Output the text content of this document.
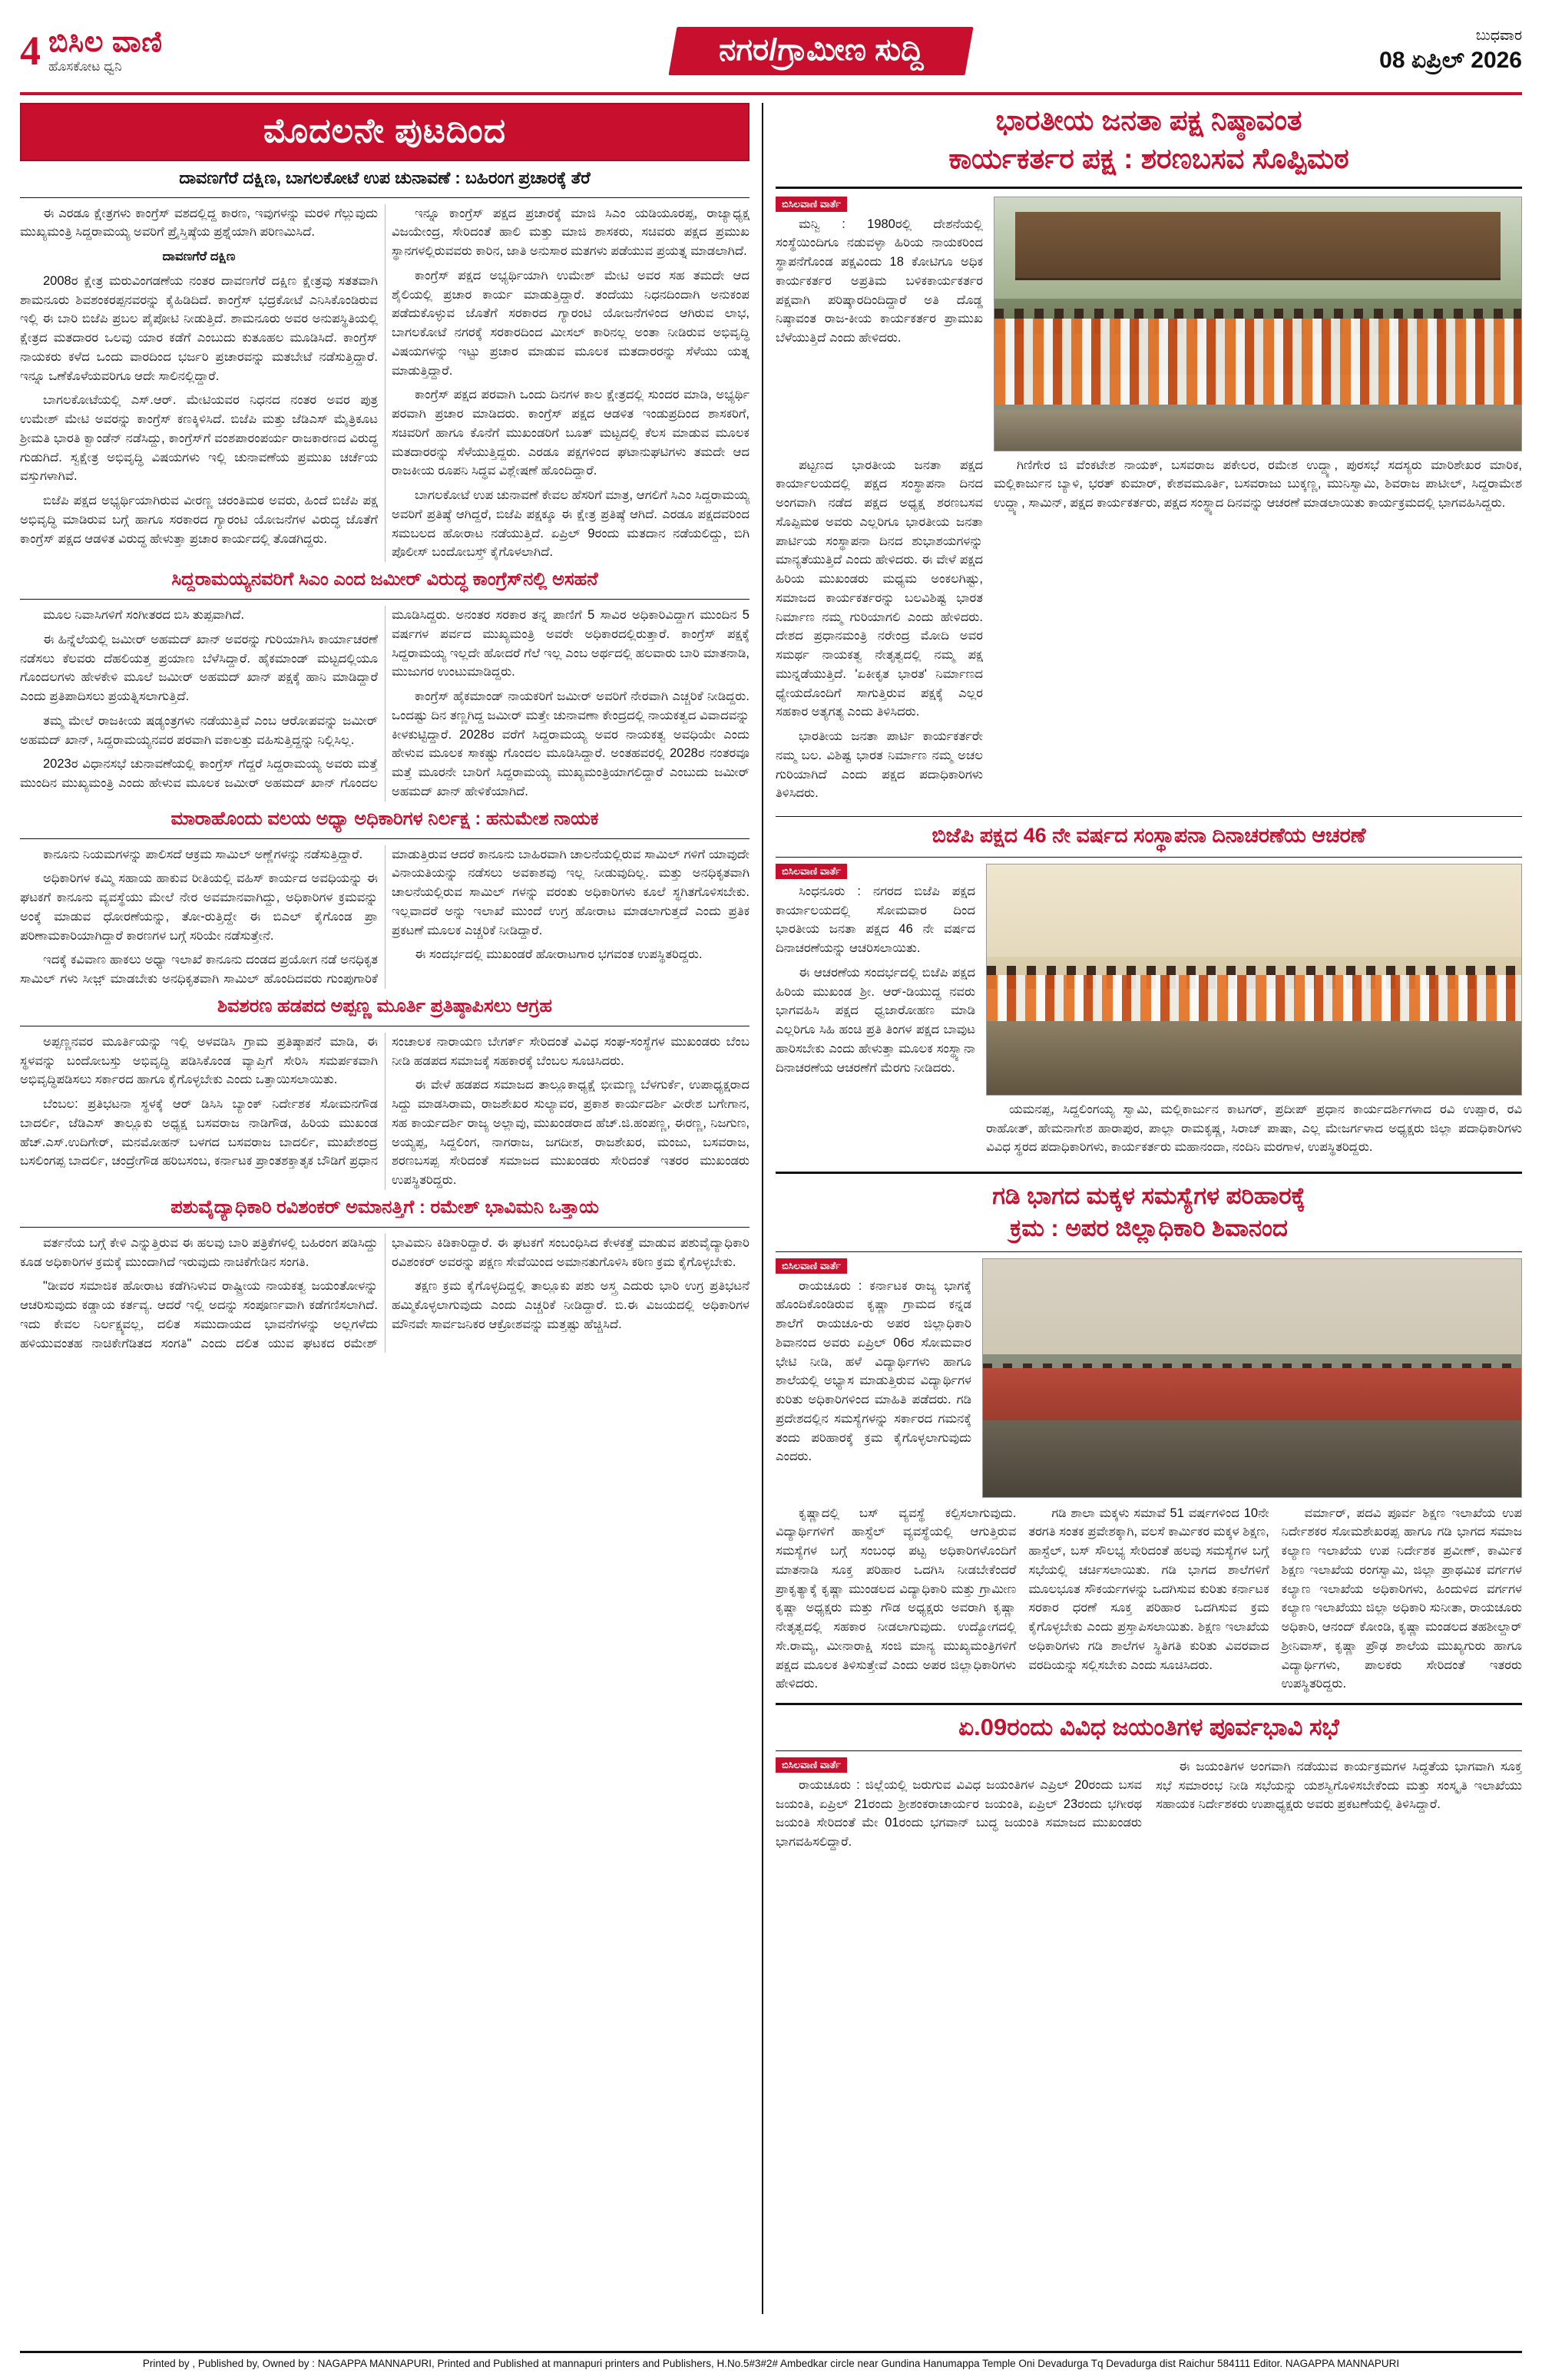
4 ಬಿಸಿಲ ವಾಣಿ
ಹೊಸಕೋಟ ಧ್ವನಿ	ನಗರ/ಗ್ರಾಮೀಣ ಸುದ್ದಿ	ಬುಧವಾರ
08 ಏಪ್ರಿಲ್ 2026
ಮೊದಲನೇ ಪುಟದಿಂದ
ದಾವಣಗೆರೆ ದಕ್ಷಿಣ, ಬಾಗಲಕೋಟೆ ಉಪ ಚುನಾವಣೆ : ಬಹಿರಂಗ ಪ್ರಚಾರಕ್ಕೆ ತೆರೆ

ಈ ಎರಡೂ ಕ್ಷೇತ್ರಗಳು ಕಾಂಗ್ರೆಸ್ ವಶದಲ್ಲಿದ್ದ ಕಾರಣ, ಇವುಗಳನ್ನು ಮರಳಿ ಗೆಲ್ಲುವುದು ಮುಖ್ಯಮಂತ್ರಿ ಸಿದ್ದರಾಮಯ್ಯ ಅವರಿಗೆ ಪ್ರೈಸ್ತಿಷ್ಠೆಯ ಪ್ರಶ್ನೆಯಾಗಿ ಪರಿಣಮಿಸಿದೆ.

ದಾವಣಗೆರೆ ದಕ್ಷಿಣ

2008ರ ಕ್ಷೇತ್ರ ಮರುವಿಂಗಡಣೆಯ ನಂತರ ದಾವಣಗೆರೆ ದಕ್ಷಿಣ ಕ್ಷೇತ್ರವು ಸತತವಾಗಿ ಶಾಮನೂರು ಶಿವಶಂಕರಪ್ಪನವರನ್ನು ಕೈಹಿಡಿದಿದೆ. ಕಾಂಗ್ರೆಸ್ ಭದ್ರಕೋಟೆ ಎನಿಸಿಕೊಂಡಿರುವ ಇಲ್ಲಿ ಈ ಬಾರಿ ಬಿಜೆಪಿ ಪ್ರಬಲ ಪೈಪೋಟಿ ನೀಡುತ್ತಿದೆ. ಶಾಮನೂರು ಅವರ ಅನುಪಸ್ಥಿತಿಯಲ್ಲಿ ಕ್ಷೇತ್ರದ ಮತದಾರರ ಒಲವು ಯಾರ ಕಡೆಗೆ ಎಂಬುದು ಕುತೂಹಲ ಮೂಡಿಸಿದೆ. ಕಾಂಗ್ರೆಸ್ ನಾಯಕರು ಕಳೆದ ಒಂದು ವಾರದಿಂದ ಭರ್ಜರಿ ಪ್ರಚಾರವನ್ನು ಮತಬೇಟೆ ನಡೆಸುತ್ತಿದ್ದಾರೆ. ಇನ್ನೂ ಒಣೆಕೊಳೆಯವರಿಗೂ ಆದೇ ಸಾಲಿನಲ್ಲಿದ್ದಾರೆ.

ಬಾಗಲಕೋಟೆಯಲ್ಲಿ ಎಸ್.ಆರ್. ಮೇಟಿಯವರ ನಿಧನದ ನಂತರ ಅವರ ಪುತ್ರ ಉಮೇಶ್ ಮೇಟಿ ಅವರನ್ನು ಕಾಂಗ್ರೆಸ್ ಕಣಕ್ಕಿಳಿಸಿದೆ. ಬಿಜೆಪಿ ಮತ್ತು ಜೆಡಿಎಸ್ ಮೈತ್ರಿಕೂಟ ಶ್ರೀಮತಿ ಭಾರತಿ ಕ್ವಾಂಡೆನ್ ನಡೆಸಿದ್ದು, ಕಾಂಗ್ರೆಸ್‌ಗೆ ವಂಶಪಾರಂಪರ್ಯ ರಾಜಕಾರಣದ ವಿರುದ್ಧ ಗುಡುಗಿದೆ. ಸ್ವಕ್ಷೇತ್ರ ಅಭಿವೃದ್ಧಿ ವಿಷಯಗಳು ಇಲ್ಲಿ ಚುನಾವಣೆಯ ಪ್ರಮುಖ ಚರ್ಚೆಯ ವಸ್ತುಗಳಾಗಿವೆ.

ಬಿಜೆಪಿ ಪಕ್ಷದ ಅಭ್ಯರ್ಥಿಯಾಗಿರುವ ವೀರಣ್ಣ ಚರಂತಿಮಠ ಅವರು, ಹಿಂದೆ ಬಿಜೆಪಿ ಪಕ್ಷ ಅಭಿವೃದ್ಧಿ ಮಾಡಿರುವ ಬಗ್ಗೆ ಹಾಗೂ ಸರಕಾರದ ಗ್ಯಾರಂಟಿ ಯೋಜನೆಗಳ ವಿರುದ್ಧ ಜೊತೆಗೆ ಕಾಂಗ್ರೆಸ್ ಪಕ್ಷದ ಆಡಳಿತ ವಿರುದ್ಧ ಹೇಳುತ್ತಾ ಪ್ರಚಾರ ಕಾರ್ಯದಲ್ಲಿ ತೊಡಗಿದ್ದರು.

ಇನ್ನೂ ಕಾಂಗ್ರೆಸ್ ಪಕ್ಷದ ಪ್ರಚಾರಕ್ಕೆ ಮಾಜಿ ಸಿಎಂ ಯಡಿಯೂರಪ್ಪ, ರಾಜ್ಯಾಧ್ಯಕ್ಷ ವಿಜಯೇಂದ್ರ, ಸೇರಿದಂತೆ ಹಾಲಿ ಮತ್ತು ಮಾಜಿ ಶಾಸಕರು, ಸಚಿವರು ಪಕ್ಷದ ಪ್ರಮುಖ ಸ್ಥಾನಗಳಲ್ಲಿರುವವರು ಕಾರಿನ, ಜಾತಿ ಅನುಸಾರ ಮತಗಳು ಪಡೆಯುವ ಪ್ರಯತ್ನ ಮಾಡಲಾಗಿದೆ.

ಕಾಂಗ್ರೆಸ್ ಪಕ್ಷದ ಅಭ್ಯರ್ಥಿಯಾಗಿ ಉಮೇಶ್ ಮೇಟಿ ಅವರ ಸಹ ತಮದೇ ಆದ ಶೈಲಿಯಲ್ಲಿ ಪ್ರಚಾರ ಕಾರ್ಯ ಮಾಡುತ್ತಿದ್ದಾರೆ. ತಂದೆಯು ನಿಧನದಿಂದಾಗಿ ಅನುಕಂಪ ಪಡೆದುಕೊಳ್ಳುವ ಜೊತೆಗೆ ಸರಕಾರದ ಗ್ಯಾರಂಟಿ ಯೋಜನೆಗಳಿಂದ ಆಗಿರುವ ಲಾಭ, ಬಾಗಲಕೋಟೆ ನಗರಕ್ಕೆ ಸರಕಾರದಿಂದ ಮೀಸಲ್ ಕಾರಿನಲ್ಲ ಅಂತಾ ನೀಡಿರುವ ಅಭಿವೃದ್ಧಿ ವಿಷಯಗಳನ್ನು ಇಟ್ಟು ಪ್ರಚಾರ ಮಾಡುವ ಮೂಲಕ ಮತದಾರರನ್ನು ಸೆಳೆಯು ಯತ್ನ ಮಾಡುತ್ತಿದ್ದಾರೆ.

ಕಾಂಗ್ರೆಸ್ ಪಕ್ಷದ ಪರವಾಗಿ ಒಂದು ದಿನಗಳ ಕಾಲ ಕ್ಷೇತ್ರದಲ್ಲಿ ಸುಂದರ ಮಾಡಿ, ಅಭ್ಯರ್ಥಿ ಪರವಾಗಿ ಪ್ರಚಾರ ಮಾಡಿದರು. ಕಾಂಗ್ರೆಸ್ ಪಕ್ಷದ ಆಡಳಿತ ಇಂಡುಪ್ರದಿಂದ ಶಾಸಕರಿಗೆ, ಸಚಿವರಿಗೆ ಹಾಗೂ ಕೊನೆಗೆ ಮುಖಂಡರಿಗೆ ಬೂತ್ ಮಟ್ಟದಲ್ಲಿ ಕೆಲಸ ಮಾಡುವ ಮೂಲಕ ಮತದಾರರನ್ನು ಸೆಳೆಯುತ್ತಿದ್ದರು. ಎರಡೂ ಪಕ್ಷಗಳಿಂದ ಘಟಾನುಘಟಿಗಳು ತಮದೇ ಆದ ರಾಜಕೀಯ ರೂಪನಿ ಸಿದ್ಧವ ವಿಶ್ಲೇಷಣೆ ಹೊಂದಿದ್ದಾರೆ.

ಬಾಗಲಕೋಟೆ ಉಪ ಚುನಾವಣೆ ಕೇವಲ ಹೆಸರಿಗೆ ಮಾತ್ರ, ಆಗಲಿಗೆ ಸಿಎಂ ಸಿದ್ದರಾಮಯ್ಯ ಅವರಿಗೆ ಪ್ರತಿಷ್ಠೆ ಆಗಿದ್ದರೆ, ಬಿಜೆಪಿ ಪಕ್ಷಕ್ಕೂ ಈ ಕ್ಷೇತ್ರ ಪ್ರತಿಷ್ಠೆ ಆಗಿದೆ. ಎರಡೂ ಪಕ್ಷದವರಿಂದ ಸಮಬಲದ ಹೋರಾಟ ನಡೆಯುತ್ತಿದೆ. ಏಪ್ರಿಲ್ 9ರಂದು ಮತದಾನ ನಡೆಯಲಿದ್ದು, ಬಿಗಿ ಪೊಲೀಸ್ ಬಂದೋಬಸ್ತ್ ಕೈಗೊಳಲಾಗಿದೆ.

ಸಿದ್ದರಾಮಯ್ಯನವರಿಗೆ ಸಿಎಂ ಎಂದ ಜಮೀರ್ ವಿರುದ್ಧ ಕಾಂಗ್ರೆಸ್‌ನಲ್ಲಿ ಅಸಹನೆ

ಮೂಲ ನಿವಾಸಿಗಳಿಗೆ ಸಂಗೀತರದ ಬಿಸಿ ತುಪ್ಪವಾಗಿದೆ.

ಈ ಹಿನ್ನೆಲೆಯಲ್ಲಿ ಜಮೀರ್ ಅಹಮದ್ ಖಾನ್ ಅವರನ್ನು ಗುರಿಯಾಗಿಸಿ ಕಾರ್ಯಾಚರಣೆ ನಡೆಸಲು ಕೆಲವರು ದೆಹಲಿಯತ್ತ ಪ್ರಯಾಣ ಬೆಳೆಸಿದ್ದಾರೆ. ಹೈಕಮಾಂಡ್ ಮಟ್ಟದಲ್ಲಿಯೂ ಗೊಂದಲಗಳು ಹೇಳಕೇಳಿ ಮೂಲೆ ಜಮೀರ್ ಅಹಮದ್ ಖಾನ್ ಪಕ್ಷಕ್ಕೆ ಹಾನಿ ಮಾಡಿದ್ದಾರೆ ಎಂದು ಪ್ರತಿಪಾದಿಸಲು ಪ್ರಯತ್ನಿಸಲಾಗುತ್ತಿದೆ.

ತಮ್ಮ ಮೇಲೆ ರಾಜಕೀಯ ಷಡ್ಯಂತ್ರಗಳು ನಡೆಯುತ್ತಿವೆ ಎಂಬ ಆರೋಪವನ್ನು ಜಮೀರ್ ಅಹಮದ್ ಖಾನ್, ಸಿದ್ದರಾಮಯ್ಯನವರ ಪರವಾಗಿ ವಕಾಲತ್ತು ವಹಿಸುತ್ತಿದ್ದನ್ನು ನಿಲ್ಲಿಸಿಲ್ಲ.

2023ರ ವಿಧಾನಸಭೆ ಚುನಾವಣೆಯಲ್ಲಿ ಕಾಂಗ್ರೆಸ್ ಗೆದ್ದರೆ ಸಿದ್ದರಾಮಯ್ಯ ಅವರು ಮತ್ತೆ ಮುಂದಿನ ಮುಖ್ಯಮಂತ್ರಿ ಎಂದು ಹೇಳುವ ಮೂಲಕ ಜಮೀರ್ ಅಹಮದ್ ಖಾನ್ ಗೊಂದಲ ಮೂಡಿಸಿದ್ದರು. ಅನಂತರ ಸರಕಾರ ತನ್ನ ಪಾಣಿಗೆ 5 ಸಾವಿರ ಅಧಿಕಾರಿವಿದ್ದಾಗ ಮುಂದಿನ 5 ವರ್ಷಗಳ ಪರ್ವದ ಮುಖ್ಯಮಂತ್ರಿ ಅವರೇ ಅಧಿಕಾರದಲ್ಲಿರುತ್ತಾರೆ. ಕಾಂಗ್ರೆಸ್ ಪಕ್ಷಕ್ಕೆ ಸಿದ್ದರಾಮಯ್ಯ ಇಲ್ಲದೇ ಹೋದರೆ ಗೆಲೆ ಇಲ್ಲ ಎಂಬ ಅರ್ಥದಲ್ಲಿ ಹಲವಾರು ಬಾರಿ ಮಾತನಾಡಿ, ಮುಜುಗರ ಉಂಟುಮಾಡಿದ್ದರು.

ಕಾಂಗ್ರೆಸ್ ಹೈಕಮಾಂಡ್ ನಾಯಕರಿಗೆ ಜಮೀರ್ ಅವರಿಗೆ ನೇರವಾಗಿ ಎಚ್ಚರಿಕೆ ನೀಡಿದ್ದರು. ಒಂದಷ್ಟು ದಿನ ತಣ್ಣಗಿದ್ದ ಜಮೀರ್ ಮತ್ತೇ ಚುನಾವಣಾ ಕೇಂದ್ರದಲ್ಲಿ ನಾಯಕತ್ವದ ವಿವಾದವನ್ನು ಕೀಳಕುಟ್ಟಿದ್ದಾರೆ. 2028ರ ವರೆಗೆ ಸಿದ್ದರಾಮಯ್ಯ ಅವರ ನಾಯಕತ್ವ ಅವಧಿಯೇ ಎಂದು ಹೇಳುವ ಮೂಲಕ ಸಾಕಷ್ಟು ಗೊಂದಲ ಮೂಡಿಸಿದ್ದಾರೆ. ಅಂತಹವರಲ್ಲಿ 2028ರ ನಂತರವೂ ಮತ್ತೆ ಮೂರನೇ ಬಾರಿಗೆ ಸಿದ್ದರಾಮಯ್ಯ ಮುಖ್ಯಮಂತ್ರಿಯಾಗಲಿದ್ದಾರೆ ಎಂಬುದು ಜಮೀರ್ ಅಹಮದ್ ಖಾನ್ ಹೇಳಿಕೆಯಾಗಿದೆ.

ಮಾರಾಹೊಂದು ವಲಯ ಅಧ್ಯಾ ಅಧಿಕಾರಿಗಳ ನಿರ್ಲಕ್ಷ : ಹನುಮೇಶ ನಾಯಕ

ಕಾನೂನು ನಿಯಮಗಳನ್ನು ಪಾಲಿಸದೆ ಆಕ್ರಮ ಸಾಮಿಲ್ ಅಣ್ಣೆಗಳನ್ನು ನಡೆಸುತ್ತಿದ್ದಾರೆ.

ಅಧಿಕಾರಿಗಳ ಕಮ್ಮಿ ಸಹಾಯ ಹಾಕುವ ರೀತಿಯಲ್ಲಿ ವಹಿಸ್ ಕಾರ್ಯದ ಅವಧಿಯನ್ನು ಈ ಘಟಕಗೆ ಕಾನೂನು ವ್ಯವಸ್ಥೆಯು ಮೇಲೆ ನೇರ ಅವಮಾನವಾಗಿದ್ದು, ಅಧಿಕಾರಿಗಳ ಕ್ರಮವನ್ನು ಅಂಕ್ಕೆ ಮಾಡುವ ಧೋರಣೆಯನ್ನು, ತೋ-ರುತ್ತಿದ್ದೇ ಈ ಬಿಎಲ್ ಕೈಗೊಂಡ ಪ್ರಾ ಪರಿಣಾಮಕಾರಿಯಾಗಿದ್ದಾರೆ ಕಾರಣಗಳ ಬಗ್ಗೆ ಸರಿಯೇ ನಡೆಸುತ್ತೇನೆ.

ಇದಕ್ಕೆ ಕವಿವಾಣ ಹಾಕಲು ಅಧ್ಯಾ ಇಲಾಖೆ ಕಾನೂನು ದಂಡದ ಪ್ರಯೋಗ ನಡೆ ಅನಧಿಕೃತ ಸಾಮಿಲ್ ಗಳು ಸೀಜ಼್ ಮಾಡಬೇಕು ಅನಧಿಕೃತವಾಗಿ ಸಾಮಿಲ್ ಹೊಂದಿದವರು ಗುಂಪುಗಾರಿಕೆ ಮಾಡುತ್ತಿರುವ ಆದರೆ ಕಾನೂನು ಬಾಹಿರವಾಗಿ ಚಾಲನೆಯಲ್ಲಿರುವ ಸಾಮಿಲ್ ಗಳಿಗೆ ಯಾವುದೇ ವಿನಾಯತಿಯನ್ನು ನಡೆಸಲು ಅವಕಾಶವು ಇಲ್ಲ ನೀಡುವುದಿಲ್ಲ. ಮತ್ತು ಅನಧಿಕೃತವಾಗಿ ಚಾಲನೆಯಲ್ಲಿರುವ ಸಾಮಿಲ್ ಗಳನ್ನು ವರಂತು ಅಧಿಕಾರಿಗಳು ಕೂಲೆ ಸ್ಥಗಿತಗೊಳಿಸಬೇಕು. ಇಲ್ಲವಾದರೆ ಅನ್ನು ಇಲಾಖೆ ಮುಂದೆ ಉಗ್ರ ಹೋರಾಟ ಮಾಡಲಾಗುತ್ತದೆ ಎಂದು ಪ್ರತಿಕ ಪ್ರಕಟಣೆ ಮೂಲಕ ಎಚ್ಚರಿಕೆ ನೀಡಿದ್ದಾರೆ.

ಈ ಸಂದರ್ಭದಲ್ಲಿ ಮುಖಂಡರೆ ಹೋರಾಟಗಾರ ಭಗವಂತ ಉಪಸ್ಥಿತರಿದ್ದರು.

ಶಿವಶರಣ ಹಡಪದ ಅಪ್ಪಣ್ಣ ಮೂರ್ತಿ ಪ್ರತಿಷ್ಠಾಪಿಸಲು ಆಗ್ರಹ

ಅಪ್ಪಣ್ಣನವರ ಮೂರ್ತಿಯನ್ನು ಇಲ್ಲಿ ಅಳವಡಿಸಿ ಗ್ರಾಮ ಪ್ರತಿಷ್ಠಾಪನೆ ಮಾಡಿ, ಈ ಸ್ಥಳವನ್ನು ಬಂದೋಬಸ್ತು ಅಭಿವೃದ್ಧಿ ಪಡಿಸಿಕೊಂಡ ವ್ಯಾಪ್ತಿಗೆ ಸೇರಿಸಿ ಸಮರ್ಪಕವಾಗಿ ಅಭಿವೃದ್ಧಿಪಡಿಸಲು ಸರ್ಕಾರದ ಹಾಗೂ ಕೈಗೊಳ್ಳಬೇಕು ಎಂದು ಒತ್ತಾಯಿಸಲಾಯಿತು.

ಬೆಂಬಲ: ಪ್ರತಿಭಟನಾ ಸ್ಥಳಕ್ಕೆ ಆರ್ ಡಿಸಿಸಿ ಬ್ಯಾಂಕ್ ನಿರ್ದೇಶಕ ಸೋಮನಗೌಡ ಬಾದರ್ಲಿ, ಜೆಡಿಎಸ್ ತಾಲ್ಲೂಕು ಅಧ್ಯಕ್ಷ ಬಸವರಾಜ ನಾಡಿಗೌಡ, ಹಿರಿಯ ಮುಖಂಡ ಹೆಚ್.ಎಸ್.ಉದಿಗೇರ್, ಮನಮೋಹನ್ ಬಳಗದ ಬಸವರಾಜ ಬಾದರ್ಲಿ, ಮುಖೇಶಂದ್ರ ಬಸಲಿಂಗಪ್ಪ ಬಾದರ್ಲಿ, ಚಂದ್ರೇಗೌಡ ಹರಿಬಸಂಬ, ಕರ್ನಾಟಕ ಪ್ರಾಂತಶಕ್ತಾತೃಕ ಬೌಡಿಗೆ ಪ್ರಧಾನ ಸಂಚಾಲಕ ನಾರಾಯಣ ಬೇಗರ್ಕ್ ಸೇರಿದಂತೆ ವಿವಿಧ ಸಂಘ-ಸಂಸ್ಥೆಗಳ ಮುಖಂಡರು ಬೆಂಬ ನೀಡಿ ಹಡಪದ ಸಮಾಜಕ್ಕೆ ಸಹಕಾರಕ್ಕೆ ಬೆಂಬಲ ಸೂಚಿಸಿದರು.

ಈ ವೇಳೆ ಹಡಪದ ಸಮಾಜದ ತಾಲ್ಲೂಕಾಧ್ಯಕ್ಷೆ ಭೀಮಣ್ಣ ಬೆಳಗುರ್ಕೆ, ಉಪಾಧ್ಯಕ್ಷರಾದ ಸಿದ್ದು ಮಾಡಸಿರಾಮ, ರಾಜಶೇಖರ ಸುಲ್ಯಾವರ, ಪ್ರಕಾಶ ಕಾರ್ಯದರ್ಶಿ ವೀರೇಶ ಬಗೇಗಾನ, ಸಹ ಕಾರ್ಯದರ್ಶಿ ರಾಜ್ಯ ಅಲ್ಲಾವು, ಮುಖಂಡರಾದ ಹೆಚ್.ಜಿ.ಹಂಪಣ್ಣ, ಈರಣ್ಣ, ನಿಜಗುಣ, ಅಯ್ಯಪ್ಪ, ಸಿದ್ದಲಿಂಗ, ನಾಗರಾಜ, ಜಗದೀಶ, ರಾಜಶೇಖರ, ಮಂಜು, ಬಸವರಾಜ, ಶರಣಬಸಪ್ಪ ಸೇರಿದಂತೆ ಸಮಾಜದ ಮುಖಂಡರು ಸೇರಿದಂತೆ ಇತರರ ಮುಖಂಡರು ಉಪಸ್ಥಿತರಿದ್ದರು.

ಪಶುವೈದ್ಯಾಧಿಕಾರಿ ರವಿಶಂಕರ್ ಅಮಾನತ್ತಿಗೆ : ರಮೇಶ್ ಭಾವಿಮನಿ ಒತ್ತಾಯ

ವರ್ತನೆಯ ಬಗ್ಗೆ ಕೇಳಿ ಎನ್ನುತ್ತಿರುವ ಈ ಹಲವು ಬಾರಿ ಪತ್ರಿಕೆಗಳಲ್ಲಿ ಬಹಿರಂಗ ಪಡಿಸಿದ್ದು ಕೂಡ ಅಧಿಕಾರಿಗಳ ಕ್ರಮಕ್ಕೆ ಮುಂದಾಗಿದೆ ಇರುವುದು ನಾಚಿಕೆಗೇಡಿನ ಸಂಗತಿ.

"ಡೀವರ ಸಮಾಜಿಕ ಹೋರಾಟ ಕಡೆಗಿನಿಳುವ ರಾಷ್ಟ್ರೀಯ ನಾಯಕತ್ವ ಜಯಂತೋಳನ್ನು ಆಚರಿಸುವುದು ಕಡ್ಡಾಯ ಕರ್ತವ್ಯ. ಆದರೆ ಇಲ್ಲಿ ಅದನ್ನು ಸಂಪೂರ್ಣವಾಗಿ ಕಡೆಗಣಿಸಲಾಗಿದೆ. ಇದು ಕೇವಲ ನಿರ್ಲಕ್ಷ್ಯವಲ್ಲ, ದಲಿತ ಸಮುದಾಯದ ಭಾವನೆಗಳನ್ನು ಅಲ್ಲಗಳೆದು ಹಳಿಯುವಂತಹ ನಾಚಿಕೇಗೆಡಿತದ ಸಂಗತಿ" ಎಂದು ದಲಿತ ಯುವ ಘಟಕದ ರಮೇಶ್ ಭಾವಿಮನಿ ಕಿಡಿಕಾರಿದ್ದಾರೆ. ಈ ಘಟಕಗೆ ಸಂಬಂಧಿಸಿದ ಕೇಳಕತ್ತೆ ಮಾಡುವ ಪಶುವೈದ್ಯಾಧಿಕಾರಿ ರವಿಶಂಕರ್ ಅವರನ್ನು ಪಕ್ಷಣ ಸೇವೆಯಿಂದ ಅಮಾನತುಗೊಳಿಸಿ ಕಠಿಣ ಕ್ರಮ ಕೈಗೊಳ್ಳಬೇಕು.

ತಕ್ಷಣ ಕ್ರಮ ಕೈಗೊಳ್ಳದಿದ್ದಲ್ಲಿ ತಾಲ್ಲೂಕು ಪಶು ಅಸ್ತ್ರ ಎದುರು ಭಾರಿ ಉಗ್ರ ಪ್ರತಿಭಟನೆ ಹಮ್ಮಿಕೊಳ್ಳಲಾಗುವುದು ಎಂದು ಎಚ್ಚರಿಕೆ ನೀಡಿದ್ದಾರೆ. ಬಿ.ಈ ವಿಜಯದಲ್ಲಿ ಅಧಿಕಾರಿಗಳ ಮೌನವೇ ಸಾರ್ವಜನಿಕರ ಆಕ್ರೋಶವನ್ನು ಮತ್ತಷ್ಟು ಹೆಚ್ಚಿಸಿದೆ.

ಭಾರತೀಯ ಜನತಾ ಪಕ್ಷ ನಿಷ್ಠಾವಂತ
ಕಾರ್ಯಕರ್ತರ ಪಕ್ಷ : ಶರಣಬಸವ ಸೊಪ್ಪಿಮಠ
ಬಿಸಿಲವಾಣಿ ವಾರ್ತೆ

ಮನ್ವಿ : 1980ರಲ್ಲಿ ದೇಶನೆಯಲ್ಲಿ ಸಂಸ್ಥೆಯಿಂದಿಗೂ ನಡುವಳ್ಳಾ ಹಿರಿಯ ನಾಯಕರಿಂದ ಸ್ಥಾಪನೆಗೊಂಡ ಪಕ್ಷವಿಂದು 18 ಕೋಟಿಗೂ ಅಧಿಕ ಕಾರ್ಯಕರ್ತರ ಅಪ್ರತಿಮ ಬಳಿಕಕಾರ್ಯಕರ್ತರ ಪಕ್ಷವಾಗಿ ಪರಿಷ್ಕಾರದಿಂದಿದ್ದಾರೆ ಅತಿ ದೊಡ್ಡ ನಿಷ್ಠಾವಂತ ರಾಜ-ಕೀಯ ಕಾರ್ಯಕರ್ತರ ಪ್ರಾಮುಖ ಬೆಳೆಯುತ್ತಿದೆ ಎಂದು ಹೇಳಿದರು.

ಪಟ್ಟಣದ ಭಾರತೀಯ ಜನತಾ ಪಕ್ಷದ ಕಾರ್ಯಾಲಯದಲ್ಲಿ ಪಕ್ಷದ ಸಂಸ್ಥಾಪನಾ ದಿನದ ಅಂಗವಾಗಿ ನಡೆದ ಪಕ್ಷದ ಅಧ್ಯಕ್ಷ ಶರಣಬಸವ ಸೊಪ್ಪಿಮಠ ಅವರು ಎಲ್ಲರಿಗೂ ಭಾರತೀಯ ಜನತಾ ಪಾರ್ಟಿಯ ಸಂಸ್ಥಾಪನಾ ದಿನದ ಶುಭಾಶಯಗಳನ್ನು ಮಾನ್ಯತೆಯುತ್ತಿದೆ ಎಂದು ಹೇಳಿದರು. ಈ ವೇಳೆ ಪಕ್ಷದ ಹಿರಿಯ ಮುಖಂಡರು ಮಧ್ಯಮ ಅಂಕಲಗಿಷ್ಟು, ಸಮಾಜದ ಕಾರ್ಯಕರ್ತರನ್ನು ಬಲವಿಶಿಷ್ಟ ಭಾರತ ನಿರ್ಮಾಣ ನಮ್ಮ ಗುರಿಯಾಗಲಿ ಎಂದು ಹೇಳಿದರು. ದೇಶದ ಪ್ರಧಾನಮಂತ್ರಿ ನರೇಂದ್ರ ಮೋದಿ ಅವರ ಸಮರ್ಥ ನಾಯಕತ್ವ ನೇತೃತ್ವದಲ್ಲಿ ನಮ್ಮ ಪಕ್ಷ ಮುನ್ನಡೆಯುತ್ತಿದೆ. 'ಏಕೀಕೃತ ಭಾರತ' ನಿರ್ಮಾಣದ ಧ್ಯೇಯದೊಂದಿಗೆ ಸಾಗುತ್ತಿರುವ ಪಕ್ಷಕ್ಕೆ ಎಲ್ಲರ ಸಹಕಾರ ಅತ್ಯಗತ್ಯ ಎಂದು ತಿಳಿಸಿದರು.

ಭಾರತೀಯ ಜನತಾ ಪಾರ್ಟಿ ಕಾರ್ಯಕರ್ತರೇ ನಮ್ಮ ಬಲ. ವಿಶಿಷ್ಟ ಭಾರತ ನಿರ್ಮಾಣ ನಮ್ಮ ಅಚಲ ಗುರಿಯಾಗಿದೆ ಎಂದು ಪಕ್ಷದ ಪದಾಧಿಕಾರಿಗಳು ತಿಳಿಸಿದರು.

ಗಿಣಿಗೇರ ಜಿ ವೆಂಕಟೇಶ ನಾಯಕ್, ಬಸವರಾಜ ಪಕೇಲರ, ರಮೇಶ ಉದ್ದ್ಯಾ, ಪುರಸಭೆ ಸದಸ್ಯರು ಮಾರಿಶೇಖರ ಮಾರಿಕ, ಮಲ್ಲಿಕಾರ್ಜುನ ಬ್ಯಾಳಿ, ಭರತ್ ಕುಮಾರ್, ಕೇಶವಮೂರ್ತಿ, ಬಸವರಾಜು ಬುಕ್ಕಣ್ಣ, ಮುನಿಸ್ವಾಮಿ, ಶಿವರಾಜ ಪಾಟೀಲ್, ಸಿದ್ದರಾಮೇಶ ಉದ್ದ್ಯಾ, ಸಾಮಿನ್, ಪಕ್ಷದ ಕಾರ್ಯಕರ್ತರು, ಪಕ್ಷದ ಸಂಸ್ಥ್ಯಾದ ದಿನವನ್ನು ಆಚರಣೆ ಮಾಡಲಾಯಿತು ಕಾರ್ಯಕ್ರಮದಲ್ಲಿ ಭಾಗವಹಿಸಿದ್ದರು.

ಬಿಜೆಪಿ ಪಕ್ಷದ 46 ನೇ ವರ್ಷದ ಸಂಸ್ಥಾಪನಾ ದಿನಾಚರಣೆಯ ಆಚರಣೆ
ಬಿಸಿಲವಾಣಿ ವಾರ್ತೆ

ಸಿಂಧನೂರು : ನಗರದ ಬಿಜೆಪಿ ಪಕ್ಷದ ಕಾರ್ಯಾಲಯದಲ್ಲಿ ಸೋಮವಾರ ದಿಂದ ಭಾರತೀಯ ಜನತಾ ಪಕ್ಷದ 46 ನೇ ವರ್ಷದ ದಿನಾಚರಣೆಯನ್ನು ಆಚರಿಸಲಾಯಿತು.

ಈ ಆಚರಣೆಯ ಸಂದರ್ಭದಲ್ಲಿ ಬಿಜೆಪಿ ಪಕ್ಷದ ಹಿರಿಯ ಮುಖಂಡ ಶ್ರೀ. ಆರ್-ಡಿಯುದ್ದ ನವರು ಭಾಗವಹಿಸಿ ಪಕ್ಷದ ಧ್ವಜಾರೋಹಣ ಮಾಡಿ ಎಲ್ಲರಿಗೂ ಸಿಹಿ ಹಂಚಿ ಪ್ರತಿ ತಿಂಗಳ ಪಕ್ಷದ ಬಾವುಟ ಹಾರಿಸಬೇಕು ಎಂದು ಹೇಳುತ್ತಾ ಮೂಲಕ ಸಂಸ್ಥ್ಯಾನಾ ದಿನಾಚರಣೆಯ ಆಚರಣೆಗೆ ಮೆರಗು ನೀಡಿದರು.

ಯಮನಪ್ಪ, ಸಿದ್ದಲಿಂಗಯ್ಯ ಸ್ವಾಮಿ, ಮಲ್ಲಿಕಾರ್ಜುನ ಕಾಟಗರ್, ಪ್ರದೀಪ್ ಪ್ರಧಾನ ಕಾರ್ಯದರ್ಶಿಗಳಾದ ರವಿ ಉಪ್ಪಾರ, ರವಿ ರಾಹೋತ್, ಹೇಮನಾಗೇಶ ಹಾರಾಪುರ, ಪಾಲ್ಲಾ ರಾಮಕೃಷ್ಣ, ಸಿರಾಜ್ ಪಾಷಾ, ಎಲ್ಲ ಮೇಜರ್ಗಳಾದ ಅಧ್ಯಕ್ಷರು ಜಿಲ್ಲಾ ಪದಾಧಿಕಾರಿಗಳು ವಿವಿಧ ಸ್ಥರದ ಪದಾಧಿಕಾರಿಗಳು, ಕಾರ್ಯಕರ್ತರು ಮಹಾನಂದಾ, ನಂದಿನಿ ಮರಗಾಳ, ಉಪಸ್ಥಿತರಿದ್ದರು.

ಗಡಿ ಭಾಗದ ಮಕ್ಕಳ ಸಮಸ್ಯೆಗಳ ಪರಿಹಾರಕ್ಕೆ
ಕ್ರಮ : ಅಪರ ಜಿಲ್ಲಾಧಿಕಾರಿ ಶಿವಾನಂದ
ಬಿಸಿಲವಾಣಿ ವಾರ್ತೆ

ರಾಯಚೂರು : ಕರ್ನಾಟಕ ರಾಜ್ಯ ಭಾಗಕ್ಕೆ ಹೊಂದಿಕೊಂಡಿರುವ ಕೃಷ್ಣಾ ಗ್ರಾಮದ ಕನ್ನಡ ಶಾಲೆಗೆ ರಾಯಚೂ-ರು ಅಪರ ಜಿಲ್ಲಾಧಿಕಾರಿ ಶಿವಾನಂದ ಅವರು ಏಪ್ರಿಲ್ 06ರ ಸೋಮವಾರ ಭೇಟಿ ನೀಡಿ, ಹಳೆ ವಿದ್ಯಾರ್ಥಿಗಳು ಹಾಗೂ ಶಾಲೆಯಲ್ಲಿ ಅಭ್ಯಾಸ ಮಾಡುತ್ತಿರುವ ವಿದ್ಯಾರ್ಥಿಗಳ ಕುರಿತು ಅಧಿಕಾರಿಗಳಿಂದ ಮಾಹಿತಿ ಪಡೆದರು. ಗಡಿ ಪ್ರದೇಶದಲ್ಲಿನ ಸಮಸ್ಯೆಗಳನ್ನು ಸರ್ಕಾರದ ಗಮನಕ್ಕೆ ತಂದು ಪರಿಹಾರಕ್ಕೆ ಕ್ರಮ ಕೈಗೊಳ್ಳಲಾಗುವುದು ಎಂದರು.

ಕೃಷ್ಣಾದಲ್ಲಿ ಬಸ್ ವ್ಯವಸ್ಥೆ ಕಲ್ಪಿಸಲಾಗುವುದು. ವಿದ್ಯಾರ್ಥಿಗಳಿಗೆ ಹಾಸ್ಟೆಲ್ ವ್ಯವಸ್ಥೆಯಲ್ಲಿ ಆಗುತ್ತಿರುವ ಸಮಸ್ಯೆಗಳ ಬಗ್ಗೆ ಸಂಬಂಧ ಪಟ್ಟ ಅಧಿಕಾರಿಗಳೊಂದಿಗೆ ಮಾತನಾಡಿ ಸೂಕ್ತ ಪರಿಹಾರ ಒದಗಿಸಿ ನೀಡಬೇಕೆಂದರೆ ಪ್ರಾಕೃತ್ಯಾಕ್ಕೆ ಕೃಷ್ಣಾ ಮುಂಡಲದ ವಿದ್ಯಾಧಿಕಾರಿ ಮತ್ತು ಗ್ರಾಮೀಣ ಕೃಷ್ಣಾ ಅಧ್ಯಕ್ಷರು ಮತ್ತು ಗೌಡ ಅಧ್ಯಕ್ಷರು ಅವರಾಗಿ ಕೃಷ್ಣಾ ನೇತೃತ್ವದಲ್ಲಿ ಸಹಕಾರ ನೀಡಲಾಗುವುದು. ಉದ್ಯೋಗದಲ್ಲಿ ಸೇ.ರಾಮ್ಯ, ಮೀನಾರಾಕ್ಷಿ ಸಂಜಿ ಮಾನ್ಯ ಮುಖ್ಯಮಂತ್ರಿಗಳಿಗೆ ಪಕ್ಷದ ಮೂಲಕ ತಿಳಿಸುತ್ತೇವೆ ಎಂದು ಅಪರ ಜಿಲ್ಲಾಧಿಕಾರಿಗಳು ಹೇಳಿದರು.

ಗಡಿ ಶಾಲಾ ಮಕ್ಕಳು ಸಮಾವೆ 51 ವರ್ಷಗಳಿಂದ 10ನೇ ತರಗತಿ ಸಂತಕ ಪ್ರವೇಶಕ್ಕಾಗಿ, ವಲಸೆ ಕಾರ್ಮಿಕರ ಮಕ್ಕಳ ಶಿಕ್ಷಣ, ಹಾಸ್ಟೆಲ್, ಬಸ್ ಸೌಲಭ್ಯ ಸೇರಿದಂತೆ ಹಲವು ಸಮಸ್ಯೆಗಳ ಬಗ್ಗೆ ಸಭೆಯಲ್ಲಿ ಚರ್ಚಿಸಲಾಯಿತು. ಗಡಿ ಭಾಗದ ಶಾಲೆಗಳಿಗೆ ಮೂಲಭೂತ ಸೌಕರ್ಯಗಳನ್ನು ಒದಗಿಸುವ ಕುರಿತು ಕರ್ನಾಟಕ ಸರಕಾರ ಧರಣೆ ಸೂಕ್ತ ಪರಿಹಾರ ಒದಗಿಸುವ ಕ್ರಮ ಕೈಗೊಳ್ಳಬೇಕು ಎಂದು ಪ್ರಸ್ತಾಪಿಸಲಾಯಿತು. ಶಿಕ್ಷಣ ಇಲಾಖೆಯ ಅಧಿಕಾರಿಗಳು ಗಡಿ ಶಾಲೆಗಳ ಸ್ಥಿತಿಗತಿ ಕುರಿತು ವಿವರವಾದ ವರದಿಯನ್ನು ಸಲ್ಲಿಸಬೇಕು ಎಂದು ಸೂಚಿಸಿದರು.

ವರ್ಮಾರ್, ಪದವಿ ಪೂರ್ವ ಶಿಕ್ಷಣ ಇಲಾಖೆಯ ಉಪ ನಿರ್ದೇಶಕರ ಸೋಮಶೇಖರಪ್ಪ ಹಾಗೂ ಗಡಿ ಭಾಗದ ಸಮಾಜ ಕಲ್ಯಾಣ ಇಲಾಖೆಯ ಉಪ ನಿರ್ದೇಶಕ ಪ್ರವೀಣ್, ಕಾರ್ಮಿಕ ಶಿಕ್ಷಣ ಇಲಾಖೆಯ ರಂಗಸ್ವಾಮಿ, ಜಿಲ್ಲಾ ಪ್ರಾಥಮಿಕ ವರ್ಗಗಳ ಕಲ್ಯಾಣ ಇಲಾಖೆಯ ಅಧಿಕಾರಿಗಳು, ಹಿಂದುಳಿದ ವರ್ಗಗಳ ಕಲ್ಯಾಣ ಇಲಾಖೆಯು ಜಿಲ್ಲಾ ಅಧಿಕಾರಿ ಸುನೀತಾ, ರಾಯಚೂರು ಅಧಿಕಾರಿ, ಆನಂದ್ ಕೋಂಡಿ, ಕೃಷ್ಣಾ ಮಂಡಲದ ತಹಶೀಲ್ದಾರ್ ಶ್ರೀನಿವಾಸ್, ಕೃಷ್ಣಾ ಪ್ರೌಢ ಶಾಲೆಯ ಮುಖ್ಯಗುರು ಹಾಗೂ ವಿದ್ಯಾರ್ಥಿಗಳು, ಪಾಲಕರು ಸೇರಿದಂತೆ ಇತರರು ಉಪಸ್ಥಿತರಿದ್ದರು.

ಏ.09ರಂದು ವಿವಿಧ ಜಯಂತಿಗಳ ಪೂರ್ವಭಾವಿ ಸಭೆ
ಬಿಸಿಲವಾಣಿ ವಾರ್ತೆ

ರಾಯಚೂರು : ಜಿಲ್ಲೆಯಲ್ಲಿ ಜರುಗುವ ವಿವಿಧ ಜಯಂತಿಗಳ ಎಪ್ರಿಲ್ 20ರಂದು ಬಸವ ಜಯಂತಿ, ಏಪ್ರಿಲ್ 21ರಂದು ಶ್ರೀಶಂಕರಾಚಾರ್ಯರ ಜಯಂತಿ, ಏಪ್ರಿಲ್ 23ರಂದು ಭಗೀರಥ ಜಯಂತಿ ಸೇರಿದಂತೆ ಮೇ 01ರಂದು ಭಗವಾನ್ ಬುದ್ಧ ಜಯಂತಿ ಸಮಾಜದ ಮುಖಂಡರು ಭಾಗವಹಿಸಲಿದ್ದಾರೆ.

ಈ ಜಯಂತಿಗಳ ಅಂಗವಾಗಿ ನಡೆಯುವ ಕಾರ್ಯಕ್ರಮಗಳ ಸಿದ್ಧತೆಯ ಭಾಗವಾಗಿ ಸೂಕ್ತ ಸಭೆ ಸಮಾರಂಭ ನೀಡಿ ಸಭೆಯನ್ನು ಯಶಸ್ವಿಗೊಳಿಸಬೇಕೆಂದು ಮತ್ತು ಸಂಸ್ಕೃತಿ ಇಲಾಖೆಯು ಸಹಾಯಕ ನಿರ್ದೇಶಕರು ಉಪಾಧ್ಯಕ್ಷರು ಅವರು ಪ್ರಕಟಣೆಯಲ್ಲಿ ತಿಳಿಸಿದ್ದಾರೆ.

Printed by , Published by, Owned by : NAGAPPA MANNAPURI, Printed and Published at mannapuri printers and Publishers, H.No.5#3#2# Ambedkar circle near Gundina Hanumappa Temple Oni Devadurga Tq Devadurga dist Raichur 584111 Editor. NAGAPPA MANNAPURI
